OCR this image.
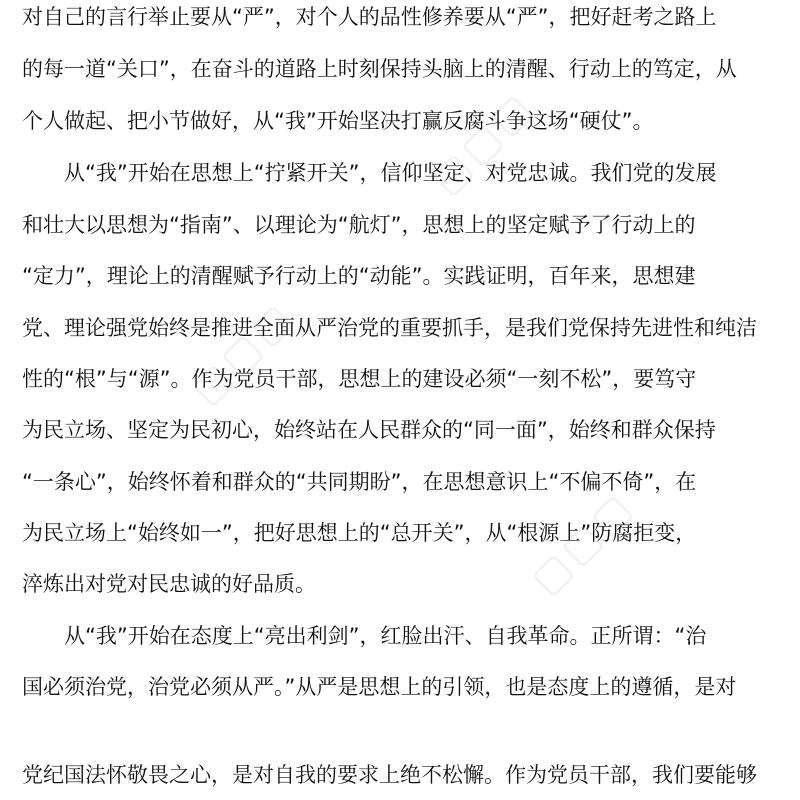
▢▢▢
▢▢▢
▢▢▢
对自己的言行举止要从“严”，对个人的品性修养要从“严”，把好赶考之路上
的每一道“关口”，在奋斗的道路上时刻保持头脑上的清醒、行动上的笃定，从
个人做起、把小节做好，从“我”开始坚决打赢反腐斗争这场“硬仗”。
　　从“我”开始在思想上“拧紧开关”，信仰坚定、对党忠诚。我们党的发展
和壮大以思想为“指南”、以理论为“航灯”，思想上的坚定赋予了行动上的
“定力”，理论上的清醒赋予行动上的“动能”。实践证明，百年来，思想建
党、理论强党始终是推进全面从严治党的重要抓手，是我们党保持先进性和纯洁
性的“根”与“源”。作为党员干部，思想上的建设必须“一刻不松”，要笃守
为民立场、坚定为民初心，始终站在人民群众的“同一面”，始终和群众保持
“一条心”，始终怀着和群众的“共同期盼”，在思想意识上“不偏不倚”，在
为民立场上“始终如一”，把好思想上的“总开关”，从“根源上”防腐拒变，
淬炼出对党对民忠诚的好品质。
　　从“我”开始在态度上“亮出利剑”，红脸出汗、自我革命。正所谓：“治
国必须治党，治党必须从严。”从严是思想上的引领，也是态度上的遵循，是对
党纪国法怀敬畏之心，是对自我的要求上绝不松懈。作为党员干部，我们要能够
